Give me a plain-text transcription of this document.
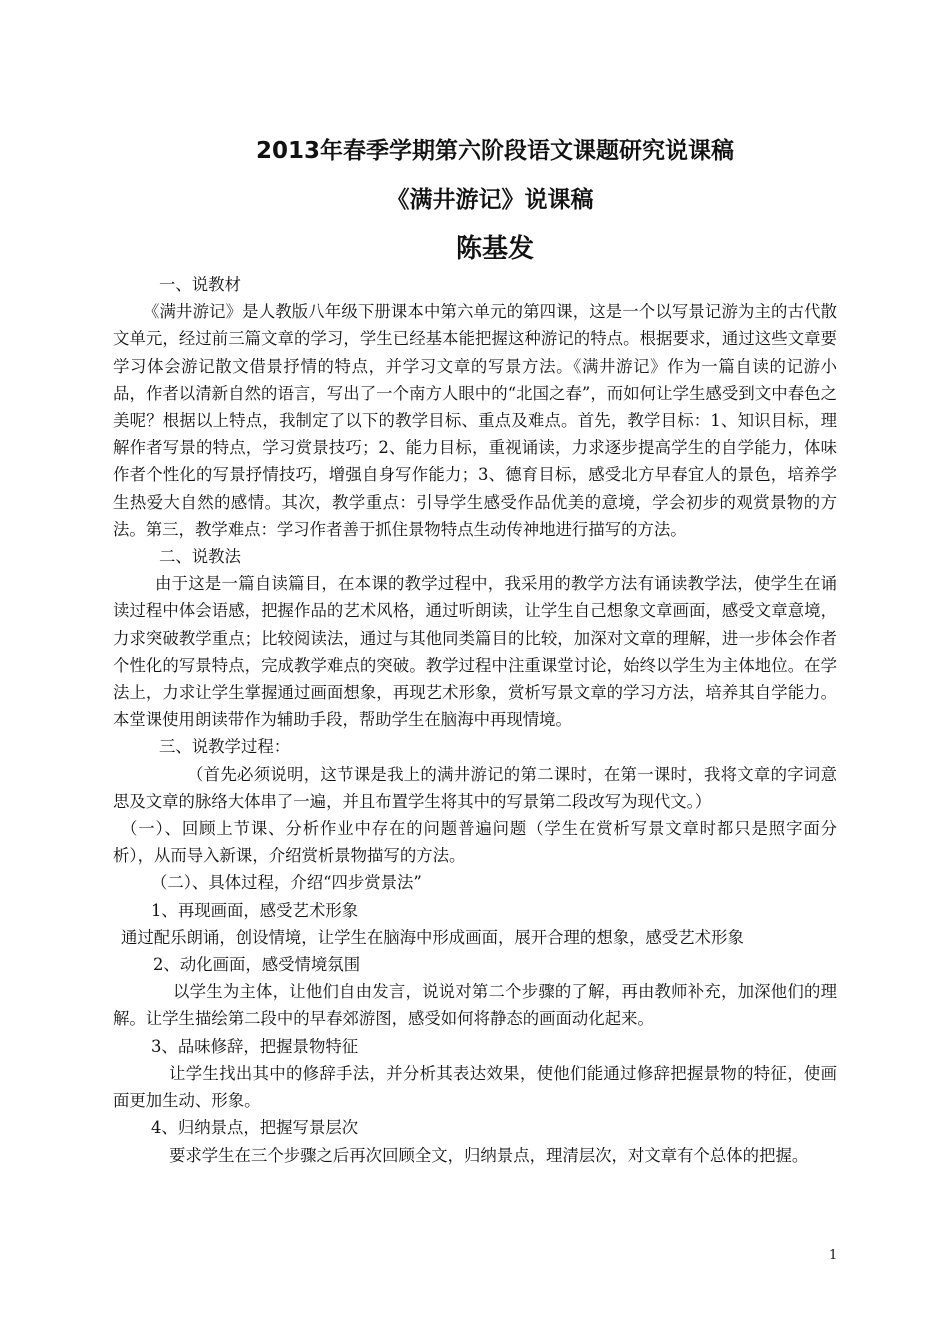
2013年春季学期第六阶段语文课题研究说课稿
《满井游记》说课稿
陈基发

一、说教材

《满井游记》是人教版八年级下册课本中第六单元的第四课，这是一个以写景记游为主的古代散文单元，经过前三篇文章的学习，学生已经基本能把握这种游记的特点。根据要求，通过这些文章要学习体会游记散文借景抒情的特点，并学习文章的写景方法。《满井游记》作为一篇自读的记游小品，作者以清新自然的语言，写出了一个南方人眼中的“北国之春”，而如何让学生感受到文中春色之美呢？根据以上特点，我制定了以下的教学目标、重点及难点。首先，教学目标：1、知识目标，理解作者写景的特点，学习赏景技巧；2、能力目标，重视诵读，力求逐步提高学生的自学能力，体味作者个性化的写景抒情技巧，增强自身写作能力；3、德育目标，感受北方早春宜人的景色，培养学生热爱大自然的感情。其次，教学重点：引导学生感受作品优美的意境，学会初步的观赏景物的方法。第三，教学难点：学习作者善于抓住景物特点生动传神地进行描写的方法。

二、说教法

由于这是一篇自读篇目，在本课的教学过程中，我采用的教学方法有诵读教学法，使学生在诵读过程中体会语感，把握作品的艺术风格，通过听朗读，让学生自己想象文章画面，感受文章意境，力求突破教学重点；比较阅读法，通过与其他同类篇目的比较，加深对文章的理解，进一步体会作者个性化的写景特点，完成教学难点的突破。教学过程中注重课堂讨论，始终以学生为主体地位。在学法上，力求让学生掌握通过画面想象，再现艺术形象，赏析写景文章的学习方法，培养其自学能力。本堂课使用朗读带作为辅助手段，帮助学生在脑海中再现情境。

三、说教学过程：

（首先必须说明，这节课是我上的满井游记的第二课时，在第一课时，我将文章的字词意思及文章的脉络大体串了一遍，并且布置学生将其中的写景第二段改写为现代文。）

（一）、回顾上节课、分析作业中存在的问题普遍问题（学生在赏析写景文章时都只是照字面分析），从而导入新课，介绍赏析景物描写的方法。

（二）、具体过程，介绍“四步赏景法”

1、再现画面，感受艺术形象

通过配乐朗诵，创设情境，让学生在脑海中形成画面，展开合理的想象，感受艺术形象

2、动化画面，感受情境氛围

以学生为主体，让他们自由发言，说说对第二个步骤的了解，再由教师补充，加深他们的理解。让学生描绘第二段中的早春郊游图，感受如何将静态的画面动化起来。

3、品味修辞，把握景物特征

让学生找出其中的修辞手法，并分析其表达效果，使他们能通过修辞把握景物的特征，使画面更加生动、形象。

4、归纳景点，把握写景层次

要求学生在三个步骤之后再次回顾全文，归纳景点，理清层次，对文章有个总体的把握。

1
